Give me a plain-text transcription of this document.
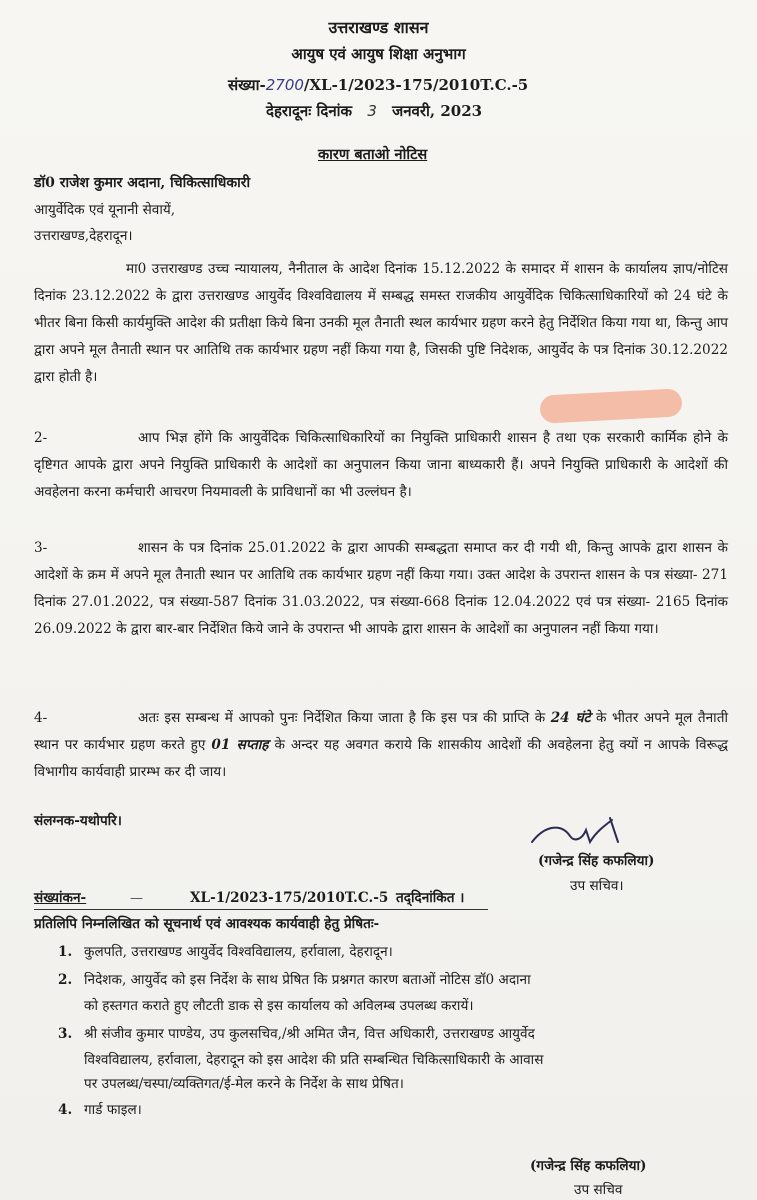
उत्तराखण्ड शासन
आयुष एवं आयुष शिक्षा अनुभाग
संख्या-2700/XL-1/2023-175/2010T.C.-5
देहरादूनः दिनांक 3 जनवरी, 2023
कारण बताओ नोटिस
डॉ0 राजेश कुमार अदाना, चिकित्साधिकारी
आयुर्वेदिक एवं यूनानी सेवायें,
उत्तराखण्ड,देहरादून।
मा0 उत्तराखण्ड उच्च न्यायालय, नैनीताल के आदेश दिनांक 15.12.2022 के समादर में शासन के कार्यालय ज्ञाप/नोटिस दिनांक 23.12.2022 के द्वारा उत्तराखण्ड आयुर्वेद विश्वविद्यालय में सम्बद्ध समस्त राजकीय आयुर्वेदिक चिकित्साधिकारियों को 24 घंटे के भीतर बिना किसी कार्यमुक्ति आदेश की प्रतीक्षा किये बिना उनकी मूल तैनाती स्थल कार्यभार ग्रहण करने हेतु निर्देशित किया गया था, किन्तु आप द्वारा अपने मूल तैनाती स्थान पर आतिथि तक कार्यभार ग्रहण नहीं किया गया है, जिसकी पुष्टि निदेशक, आयुर्वेद के पत्र दिनांक 30.12.2022 द्वारा होती है।
2-	आप भिज्ञ होंगे कि आयुर्वेदिक चिकित्साधिकारियों का नियुक्ति प्राधिकारी शासन है तथा एक सरकारी कार्मिक होने के दृष्टिगत आपके द्वारा अपने नियुक्ति प्राधिकारी के आदेशों का अनुपालन किया जाना बाध्यकारी हैं। अपने नियुक्ति प्राधिकारी के आदेशों की अवहेलना करना कर्मचारी आचरण नियमावली के प्राविधानों का भी उल्लंघन है।
3-	शासन के पत्र दिनांक 25.01.2022 के द्वारा आपकी सम्बद्धता समाप्त कर दी गयी थी, किन्तु आपके द्वारा शासन के आदेशों के क्रम में अपने मूल तैनाती स्थान पर आतिथि तक कार्यभार ग्रहण नहीं किया गया। उक्त आदेश के उपरान्त शासन के पत्र संख्या- 271 दिनांक 27.01.2022, पत्र संख्या-587 दिनांक 31.03.2022, पत्र संख्या-668 दिनांक 12.04.2022 एवं पत्र संख्या- 2165 दिनांक 26.09.2022 के द्वारा बार-बार निर्देशित किये जाने के उपरान्त भी आपके द्वारा शासन के आदेशों का अनुपालन नहीं किया गया।
4-	अतः इस सम्बन्ध में आपको पुनः निर्देशित किया जाता है कि इस पत्र की प्राप्ति के 24 घंटे के भीतर अपने मूल तैनाती स्थान पर कार्यभार ग्रहण करते हुए 01 सप्ताह के अन्दर यह अवगत कराये कि शासकीय आदेशों की अवहेलना हेतु क्यों न आपके विरूद्ध विभागीय कार्यवाही प्रारम्भ कर दी जाय।
संलग्नक-यथोपरि।
(गजेन्द्र सिंह कफलिया)
उप सचिव।
संख्यांकन-	—	XL-1/2023-175/2010T.C.-5 तद्‌दिनांकित ।
प्रतिलिपि निम्नलिखित को सूचनार्थ एवं आवश्यक कार्यवाही हेतु प्रेषितः-
1. कुलपति, उत्तराखण्ड आयुर्वेद विश्वविद्यालय, हर्रावाला, देहरादून।
2. निदेशक, आयुर्वेद को इस निर्देश के साथ प्रेषित कि प्रश्नगत कारण बताओं नोटिस डॉ0 अदाना
को हस्तगत कराते हुए लौटती डाक से इस कार्यालय को अविलम्ब उपलब्ध करायें।
3. श्री संजीव कुमार पाण्डेय, उप कुलसचिव,/श्री अमित जैन, वित्त अधिकारी, उत्तराखण्ड आयुर्वेद
विश्वविद्यालय, हर्रावाला, देहरादून को इस आदेश की प्रति सम्बन्धित चिकित्साधिकारी के आवास
पर उपलब्ध/चस्पा/व्यक्तिगत/ई-मेल करने के निर्देश के साथ प्रेषित।
4. गार्ड फाइल।
(गजेन्द्र सिंह कफलिया)
उप सचिव
